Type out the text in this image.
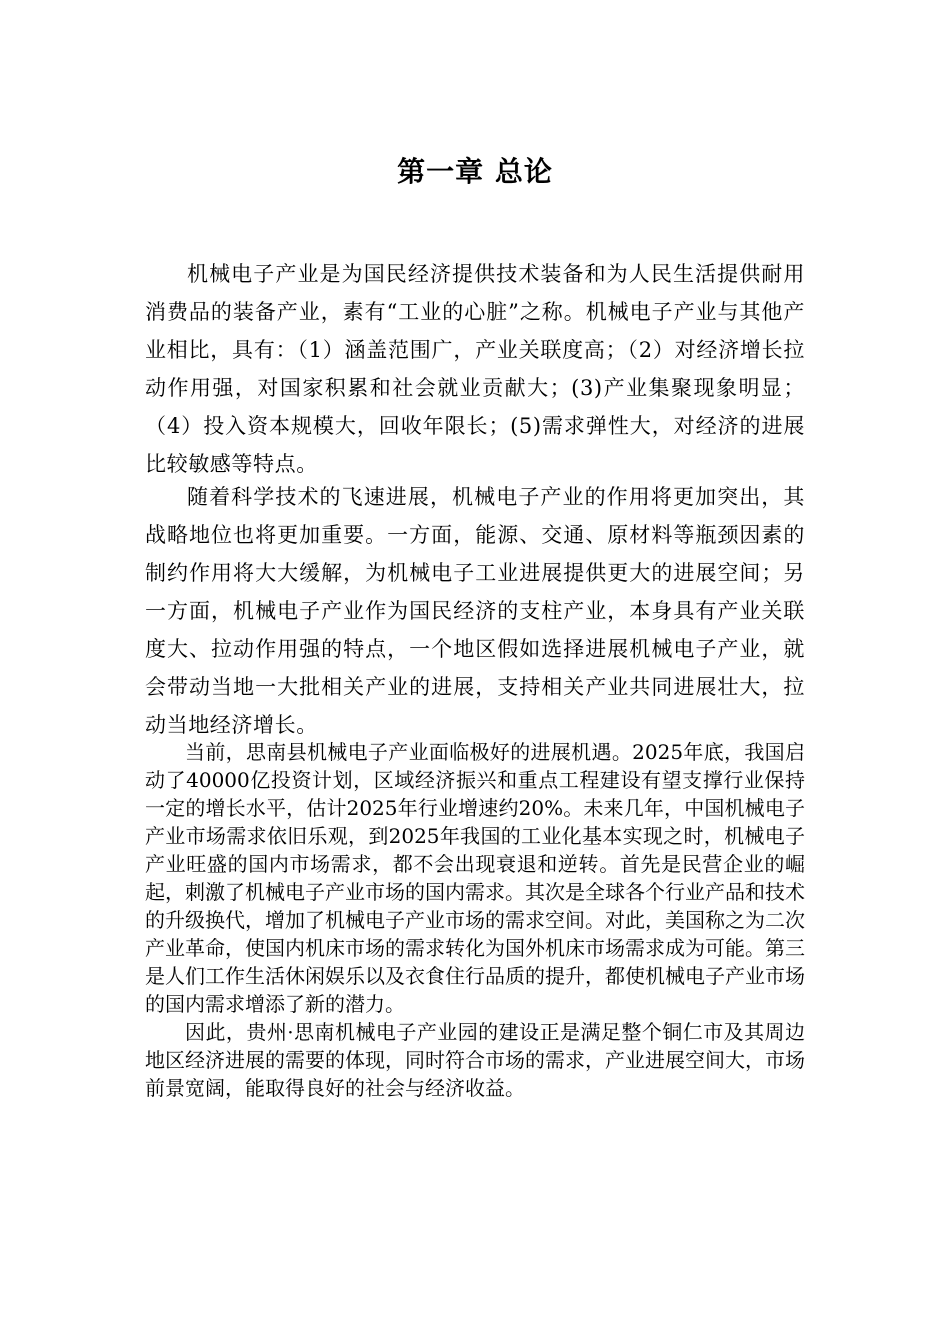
第一章 总论

机械电子产业是为国民经济提供技术装备和为人民生活提供耐用消费品的装备产业，素有“工业的心脏”之称。机械电子产业与其他产业相比，具有：（1）涵盖范围广，产业关联度高；（2）对经济增长拉动作用强，对国家积累和社会就业贡献大；(3)产业集聚现象明显；（4）投入资本规模大，回收年限长；(5)需求弹性大，对经济的进展比较敏感等特点。

随着科学技术的飞速进展，机械电子产业的作用将更加突出，其战略地位也将更加重要。一方面，能源、交通、原材料等瓶颈因素的制约作用将大大缓解，为机械电子工业进展提供更大的进展空间；另一方面，机械电子产业作为国民经济的支柱产业，本身具有产业关联度大、拉动作用强的特点，一个地区假如选择进展机械电子产业，就会带动当地一大批相关产业的进展，支持相关产业共同进展壮大，拉动当地经济增长。

当前，思南县机械电子产业面临极好的进展机遇。2025年底，我国启动了40000亿投资计划，区域经济振兴和重点工程建设有望支撑行业保持一定的增长水平，估计2025年行业增速约20%。未来几年，中国机械电子产业市场需求依旧乐观，到2025年我国的工业化基本实现之时，机械电子产业旺盛的国内市场需求，都不会出现衰退和逆转。首先是民营企业的崛起，刺激了机械电子产业市场的国内需求。其次是全球各个行业产品和技术的升级换代，增加了机械电子产业市场的需求空间。对此，美国称之为二次产业革命，使国内机床市场的需求转化为国外机床市场需求成为可能。第三是人们工作生活休闲娱乐以及衣食住行品质的提升，都使机械电子产业市场的国内需求增添了新的潜力。

因此，贵州·思南机械电子产业园的建设正是满足整个铜仁市及其周边地区经济进展的需要的体现，同时符合市场的需求，产业进展空间大，市场前景宽阔，能取得良好的社会与经济收益。
